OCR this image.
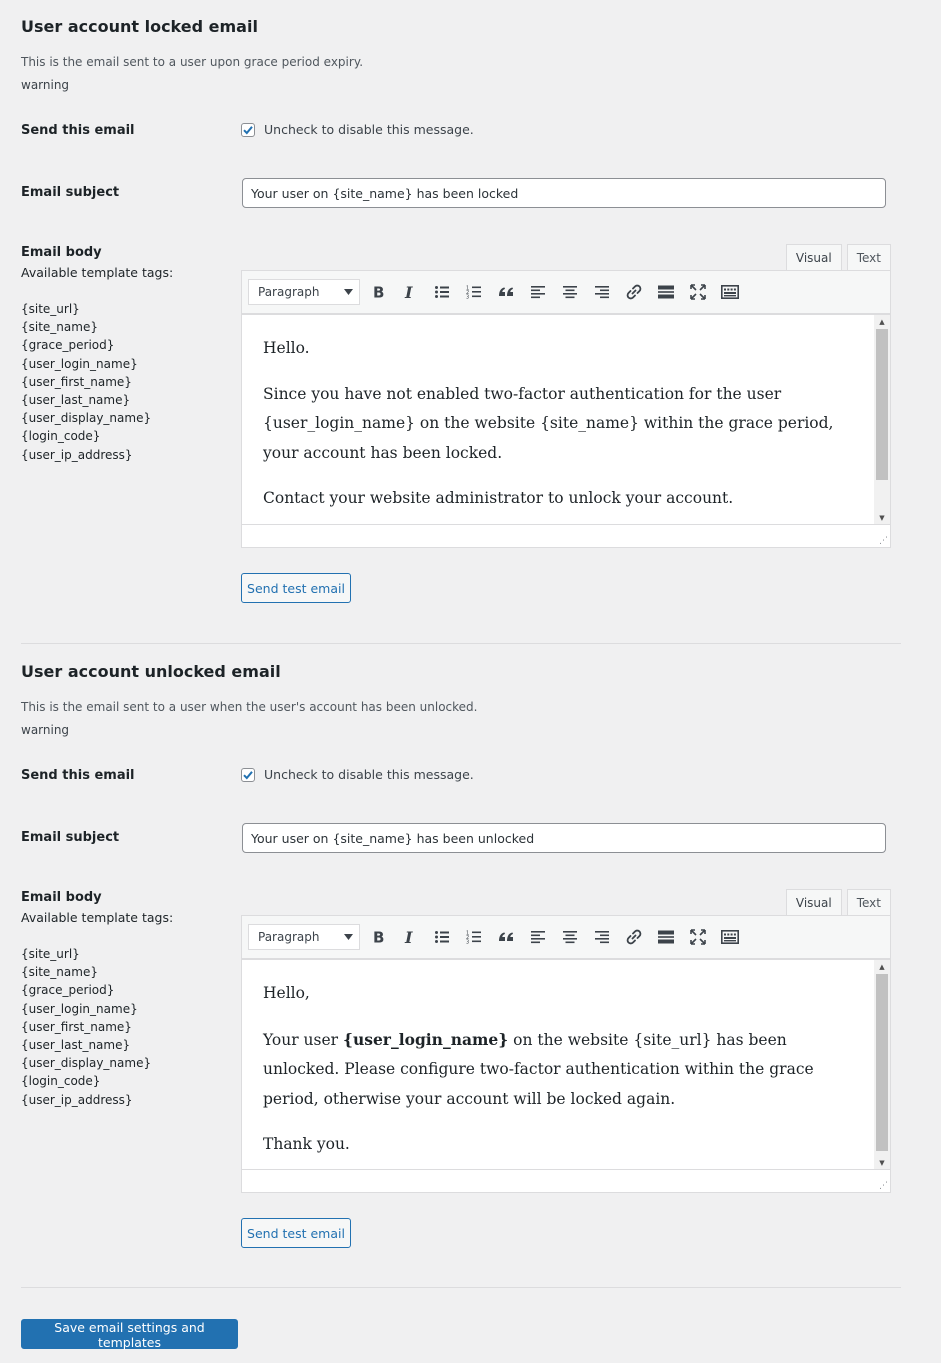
User account locked email
This is the email sent to a user upon grace period expiry.
warning
Send this email	Uncheck to disable this message.
Email subject
Your user on {site_name} has been locked
Email body
Available template tags:
{site_url}
{site_name}
{grace_period}
{user_login_name}
{user_first_name}
{user_last_name}
{user_display_name}
{login_code}
{user_ip_address}
Visual	Text
Paragraph	B I	1
2
3

Hello.

Since you have not enabled two-factor authentication for the user {user_login_name} on the website {site_name} within the grace period, your account has been locked.

Contact your website administrator to unlock your account.

▲
▼
⋰
Send test email
User account unlocked email
This is the email sent to a user when the user's account has been unlocked.
warning
Send this email	Uncheck to disable this message.
Email subject
Your user on {site_name} has been unlocked
Email body
Available template tags:
{site_url}
{site_name}
{grace_period}
{user_login_name}
{user_first_name}
{user_last_name}
{user_display_name}
{login_code}
{user_ip_address}
Visual	Text
Paragraph	B I	1
2
3

Hello,

Your user {user_login_name} on the website {site_url} has been unlocked. Please configure two-factor authentication within the grace period, otherwise your account will be locked again.

Thank you.

▲
▼
⋰
Send test email
Save email settings and templates
